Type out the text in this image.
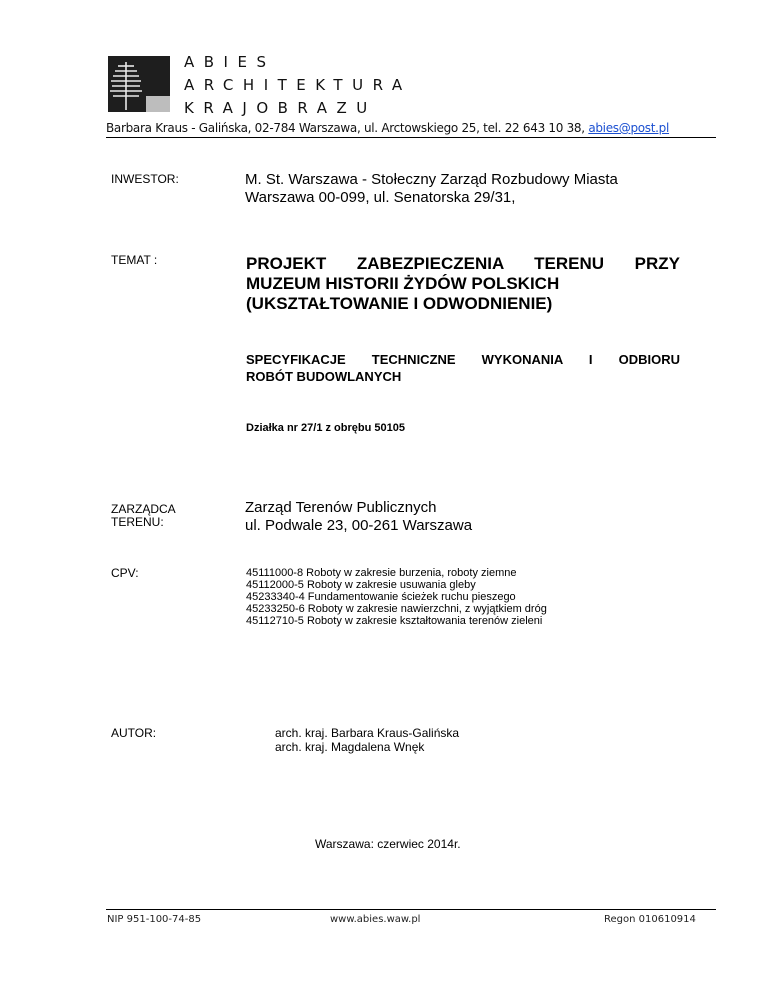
ABIES
ARCHITEKTURA
KRAJOBRAZU
Barbara Kraus - Galińska, 02-784 Warszawa, ul. Arctowskiego 25, tel. 22 643 10 38, abies@post.pl
INWESTOR:	M. St. Warszawa - Stołeczny Zarząd Rozbudowy Miasta
Warszawa 00-099, ul. Senatorska 29/31,
TEMAT :	PROJEKT ZABEZPIECZENIA TERENU PRZY
MUZEUM HISTORII ŻYDÓW POLSKICH
(UKSZTAŁTOWANIE I ODWODNIENIE)
SPECYFIKACJE TECHNICZNE WYKONANIA I ODBIORU
ROBÓT BUDOWLANYCH
Działka nr 27/1 z obrębu 50105
ZARZĄDCA
TERENU:
Zarząd Terenów Publicznych
ul. Podwale 23, 00-261 Warszawa
CPV:	45111000-8 Roboty w zakresie burzenia, roboty ziemne
45112000-5 Roboty w zakresie usuwania gleby
45233340-4 Fundamentowanie ścieżek ruchu pieszego
45233250-6 Roboty w zakresie nawierzchni, z wyjątkiem dróg
45112710-5 Roboty w zakresie kształtowania terenów zieleni
AUTOR:	arch. kraj. Barbara Kraus-Galińska
arch. kraj. Magdalena Wnęk
Warszawa: czerwiec 2014r.
NIP 951-100-74-85	www.abies.waw.pl	Regon 010610914
